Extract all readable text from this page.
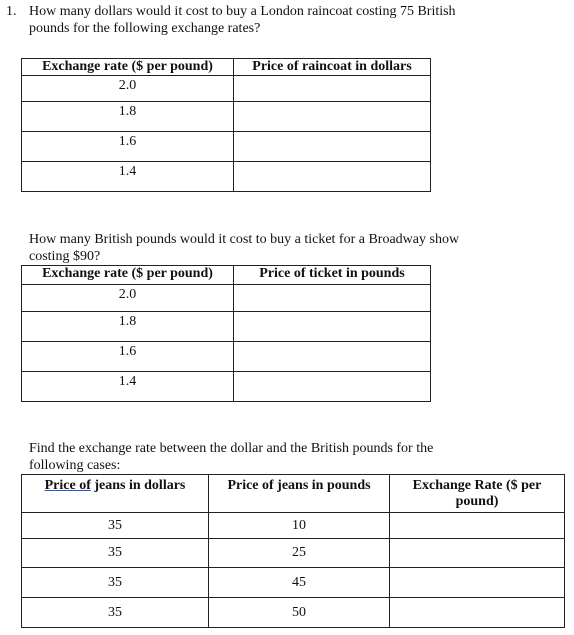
1. How many dollars would it cost to buy a London raincoat costing 75 British
pounds for the following exchange rates?
Exchange rate ($ per pound)	Price of raincoat in dollars
2.0	
1.8	
1.6	
1.4	
How many British pounds would it cost to buy a ticket for a Broadway show
costing $90?
Exchange rate ($ per pound)	Price of ticket in pounds
2.0	
1.8	
1.6	
1.4	
Find the exchange rate between the dollar and the British pounds for the
following cases:
Price of jeans in dollars	Price of jeans in pounds	Exchange Rate ($ per pound)
35	10	
35	25	
35	45	
35	50	
